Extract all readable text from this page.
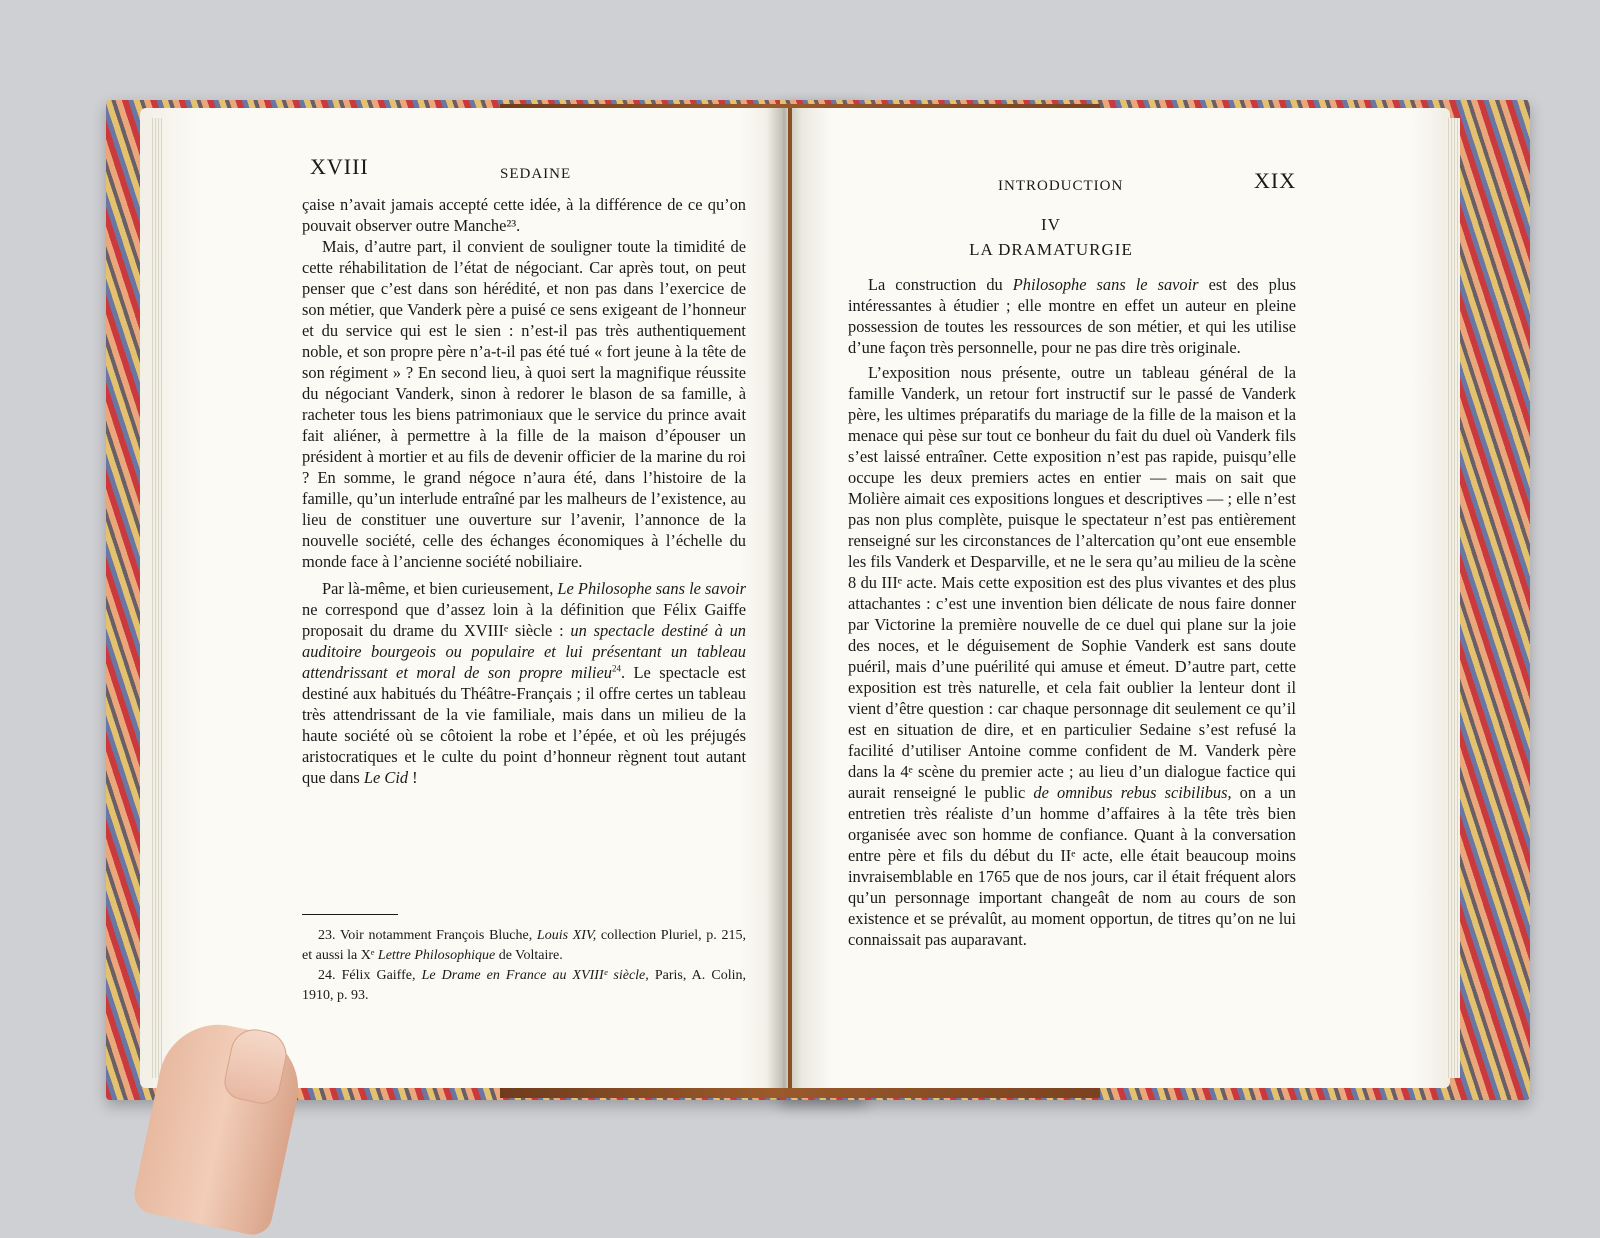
XVIII	SEDAINE

çaise n’avait jamais accepté cette idée, à la différence de ce qu’on pouvait observer outre Manche²³.

Mais, d’autre part, il convient de souligner toute la timidité de cette réhabilitation de l’état de négociant. Car après tout, on peut penser que c’est dans son hérédité, et non pas dans l’exercice de son métier, que Vanderk père a puisé ce sens exigeant de l’honneur et du service qui est le sien : n’est-il pas très authentiquement noble, et son propre père n’a-t-il pas été tué « fort jeune à la tête de son régiment » ? En second lieu, à quoi sert la magnifique réussite du négociant Vanderk, sinon à redorer le blason de sa famille, à racheter tous les biens patrimoniaux que le service du prince avait fait aliéner, à permettre à la fille de la maison d’épouser un président à mortier et au fils de devenir officier de la marine du roi ? En somme, le grand négoce n’aura été, dans l’histoire de la famille, qu’un interlude entraîné par les malheurs de l’existence, au lieu de constituer une ouverture sur l’avenir, l’annonce de la nouvelle société, celle des échanges économiques à l’échelle du monde face à l’ancienne société nobiliaire.

Par là-même, et bien curieusement, Le Philosophe sans le savoir ne correspond que d’assez loin à la définition que Félix Gaiffe proposait du drame du XVIIIᵉ siècle : un spectacle destiné à un auditoire bourgeois ou populaire et lui présentant un tableau attendrissant et moral de son propre milieu$^{24}$. Le spectacle est destiné aux habitués du Théâtre-Français ; il offre certes un tableau très attendrissant de la vie familiale, mais dans un milieu de la haute société où se côtoient la robe et l’épée, et où les préjugés aristocratiques et le culte du point d’honneur règnent tout autant que dans Le Cid !

23. Voir notamment François Bluche, Louis XIV, collection Pluriel, p. 215, et aussi la Xᵉ Lettre Philosophique de Voltaire.

24. Félix Gaiffe, Le Drame en France au XVIIIᵉ siècle, Paris, A. Colin, 1910, p. 93.

INTRODUCTION	XIX
IV
LA DRAMATURGIE

La construction du Philosophe sans le savoir est des plus intéressantes à étudier ; elle montre en effet un auteur en pleine possession de toutes les ressources de son métier, et qui les utilise d’une façon très personnelle, pour ne pas dire très originale.

L’exposition nous présente, outre un tableau général de la famille Vanderk, un retour fort instructif sur le passé de Vanderk père, les ultimes préparatifs du mariage de la fille de la maison et la menace qui pèse sur tout ce bonheur du fait du duel où Vanderk fils s’est laissé entraîner. Cette exposition n’est pas rapide, puisqu’elle occupe les deux premiers actes en entier — mais on sait que Molière aimait ces expositions longues et descriptives — ; elle n’est pas non plus complète, puisque le spectateur n’est pas entièrement renseigné sur les circonstances de l’altercation qu’ont eue ensemble les fils Vanderk et Desparville, et ne le sera qu’au milieu de la scène 8 du IIIᵉ acte. Mais cette exposition est des plus vivantes et des plus attachantes : c’est une invention bien délicate de nous faire donner par Victorine la première nouvelle de ce duel qui plane sur la joie des noces, et le déguisement de Sophie Vanderk est sans doute puéril, mais d’une puérilité qui amuse et émeut. D’autre part, cette exposition est très naturelle, et cela fait oublier la lenteur dont il vient d’être question : car chaque personnage dit seulement ce qu’il est en situation de dire, et en particulier Sedaine s’est refusé la facilité d’utiliser Antoine comme confident de M. Vanderk père dans la 4ᵉ scène du premier acte ; au lieu d’un dialogue factice qui aurait renseigné le public de omnibus rebus scibilibus, on a un entretien très réaliste d’un homme d’affaires à la tête très bien organisée avec son homme de confiance. Quant à la conversation entre père et fils du début du IIᵉ acte, elle était beaucoup moins invraisemblable en 1765 que de nos jours, car il était fréquent alors qu’un personnage important changeât de nom au cours de son existence et se prévalût, au moment opportun, de titres qu’on ne lui connaissait pas auparavant.
